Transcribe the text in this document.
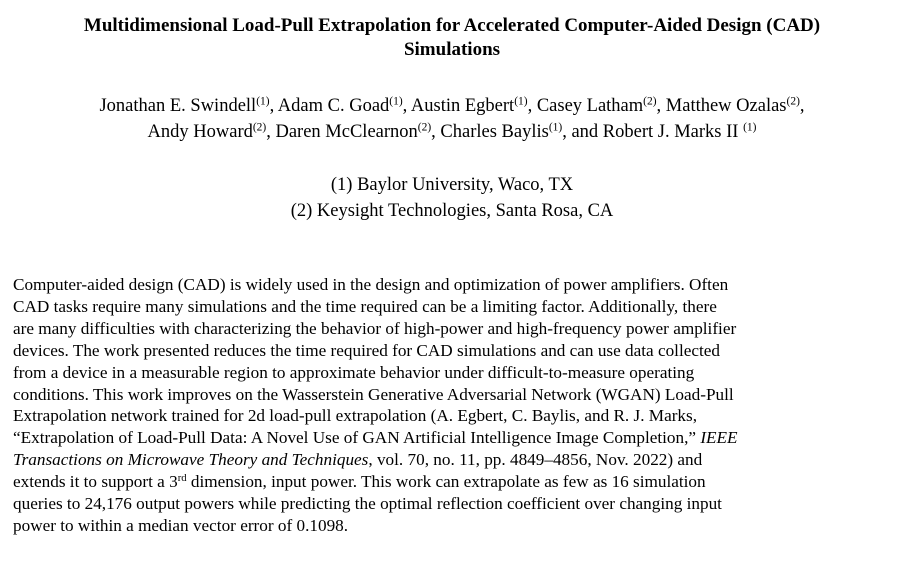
Multidimensional Load-Pull Extrapolation for Accelerated Computer-Aided Design (CAD)
Simulations
Jonathan E. Swindell$^{(1)}$, Adam C. Goad$^{(1)}$, Austin Egbert$^{(1)}$, Casey Latham$^{(2)}$, Matthew Ozalas$^{(2)}$,
Andy Howard$^{(2)}$, Daren McClearnon$^{(2)}$, Charles Baylis$^{(1)}$, and Robert J. Marks II $^{(1)}$
(1) Baylor University, Waco, TX
(2) Keysight Technologies, Santa Rosa, CA
Computer-aided design (CAD) is widely used in the design and optimization of power amplifiers. Often
CAD tasks require many simulations and the time required can be a limiting factor. Additionally, there
are many difficulties with characterizing the behavior of high-power and high-frequency power amplifier
devices. The work presented reduces the time required for CAD simulations and can use data collected
from a device in a measurable region to approximate behavior under difficult-to-measure operating
conditions. This work improves on the Wasserstein Generative Adversarial Network (WGAN) Load-Pull
Extrapolation network trained for 2d load-pull extrapolation (A. Egbert, C. Baylis, and R. J. Marks,
“Extrapolation of Load-Pull Data: A Novel Use of GAN Artificial Intelligence Image Completion,” IEEE
Transactions on Microwave Theory and Techniques, vol. 70, no. 11, pp. 4849–4856, Nov. 2022) and
extends it to support a 3rd dimension, input power. This work can extrapolate as few as 16 simulation
queries to 24,176 output powers while predicting the optimal reflection coefficient over changing input
power to within a median vector error of 0.1098.
